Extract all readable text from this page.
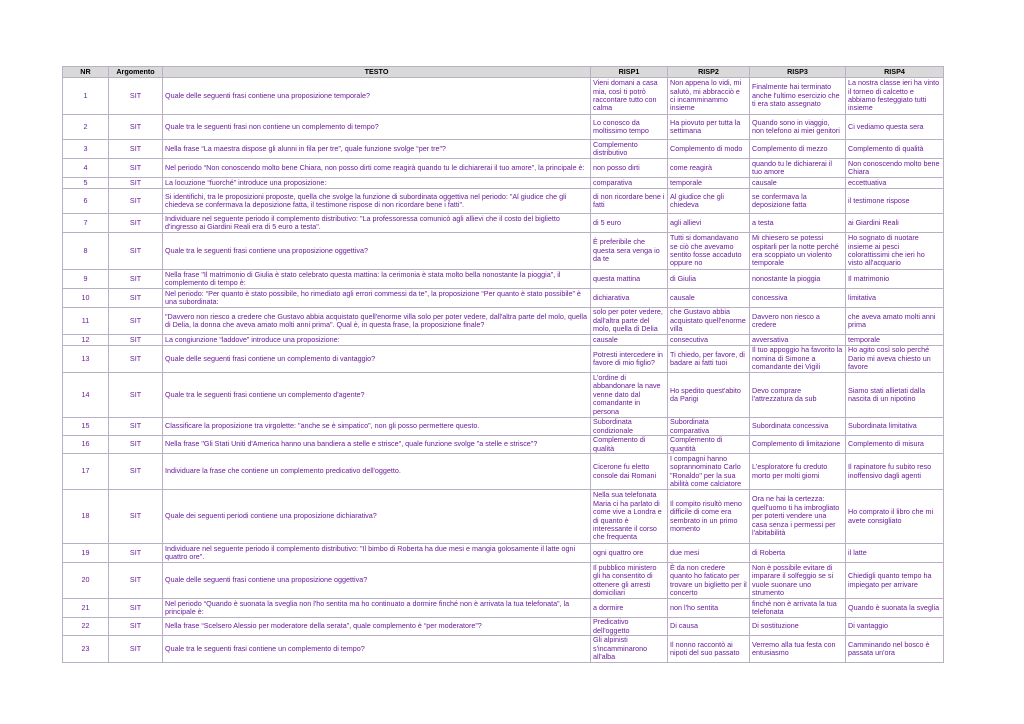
NR	Argomento	TESTO	RISP1	RISP2	RISP3	RISP4
1	SIT	Quale delle seguenti frasi contiene una proposizione temporale?	Vieni domani a casa mia, così ti potrò raccontare tutto con calma	Non appena lo vidi, mi salutò, mi abbracciò e ci incamminammo insieme	Finalmente hai terminato anche l'ultimo esercizio che ti era stato assegnato	La nostra classe ieri ha vinto il torneo di calcetto e abbiamo festeggiato tutti insieme
2	SIT	Quale tra le seguenti frasi non contiene un complemento di tempo?	Lo conosco da moltissimo tempo	Ha piovuto per tutta la settimana	Quando sono in viaggio, non telefono ai miei genitori	Ci vediamo questa sera
3	SIT	Nella frase “La maestra dispose gli alunni in fila per tre”, quale funzione svolge “per tre”?	Complemento distributivo	Complemento di modo	Complemento di mezzo	Complemento di qualità
4	SIT	Nel periodo “Non conoscendo molto bene Chiara, non posso dirti come reagirà quando tu le dichiarerai il tuo amore”, la principale è:	non posso dirti	come reagirà	quando tu le dichiarerai il tuo amore	Non conoscendo molto bene Chiara
5	SIT	La locuzione “fuorché” introduce una proposizione:	comparativa	temporale	causale	eccettuativa
6	SIT	Si identifichi, tra le proposizioni proposte, quella che svolge la funzione di subordinata oggettiva nel periodo: "Al giudice che gli chiedeva se confermava la deposizione fatta, il testimone rispose di non ricordare bene i fatti".	di non ricordare bene i fatti	Al giudice che gli chiedeva	se confermava la deposizione fatta	il testimone rispose
7	SIT	Individuare nel seguente periodo il complemento distributivo: "La professoressa comunicò agli allievi che il costo del biglietto d'ingresso ai Giardini Reali era di 5 euro a testa".	di 5 euro	agli allievi	a testa	ai Giardini Reali
8	SIT	Quale tra le seguenti frasi contiene una proposizione oggettiva?	È preferibile che questa sera venga io da te	Tutti si domandavano se ciò che avevamo sentito fosse accaduto oppure no	Mi chiesero se potessi ospitarli per la notte perché era scoppiato un violento temporale	Ho sognato di nuotare insieme ai pesci colorattissimi che ieri ho visto all'acquario
9	SIT	Nella frase "Il matrimonio di Giulia è stato celebrato questa mattina: la cerimonia è stata molto bella nonostante la pioggia", il complemento di tempo è:	questa mattina	di Giulia	nonostante la pioggia	Il matrimonio
10	SIT	Nel periodo: “Per quanto è stato possibile, ho rimediato agli errori commessi da te”, la proposizione “Per quanto è stato possibile” è una subordinata:	dichiarativa	causale	concessiva	limitativa
11	SIT	"Davvero non riesco a credere che Gustavo abbia acquistato quell'enorme villa solo per poter vedere, dall'altra parte del molo, quella di Delia, la donna che aveva amato molti anni prima". Qual è, in questa frase, la proposizione finale?	solo per poter vedere, dall'altra parte del molo, quella di Delia	che Gustavo abbia acquistato quell'enorme villa	Davvero non riesco a credere	che aveva amato molti anni prima
12	SIT	La congiunzione “laddove” introduce una proposizione:	causale	consecutiva	avversativa	temporale
13	SIT	Quale delle seguenti frasi contiene un complemento di vantaggio?	Potresti intercedere in favore di mio figlio?	Ti chiedo, per favore, di badare ai fatti tuoi	Il tuo appoggio ha favorito la nomina di Simone a comandante dei Vigili	Ho agito così solo perché Dario mi aveva chiesto un favore
14	SIT	Quale tra le seguenti frasi contiene un complemento d'agente?	L'ordine di abbandonare la nave venne dato dal comandante in persona	Ho spedito quest'abito da Parigi	Devo comprare l'attrezzatura da sub	Siamo stati allietati dalla nascita di un nipotino
15	SIT	Classificare la proposizione tra virgolette: "anche se è simpatico", non gli posso permettere questo.	Subordinata condizionale	Subordinata comparativa	Subordinata concessiva	Subordinata limitativa
16	SIT	Nella frase "Gli Stati Uniti d'America hanno una bandiera a stelle e strisce", quale funzione svolge "a stelle e strisce"?	Complemento di qualità	Complemento di quantità	Complemento di limitazione	Complemento di misura
17	SIT	Individuare la frase che contiene un complemento predicativo dell'oggetto.	Cicerone fu eletto console dai Romani	I compagni hanno soprannominato Carlo "Ronaldo" per la sua abilità come calciatore	L'esploratore fu creduto morto per molti giorni	Il rapinatore fu subito reso inoffensivo dagli agenti
18	SIT	Quale dei seguenti periodi contiene una proposizione dichiarativa?	Nella sua telefonata Maria ci ha parlato di come vive a Londra e di quanto è interessante il corso che frequenta	Il compito risultò meno difficile di come era sembrato in un primo momento	Ora ne hai la certezza: quell'uomo ti ha imbrogliato per poterti vendere una casa senza i permessi per l'abitabilità	Ho comprato il libro che mi avete consigliato
19	SIT	Individuare nel seguente periodo il complemento distributivo: "Il bimbo di Roberta ha due mesi e mangia golosamente il latte ogni quattro ore".	ogni quattro ore	due mesi	di Roberta	il latte
20	SIT	Quale delle seguenti frasi contiene una proposizione oggettiva?	Il pubblico ministero gli ha consentito di ottenere gli arresti domiciliari	È da non credere quanto ho faticato per trovare un biglietto per il concerto	Non è possibile evitare di imparare il solfeggio se si vuole suonare uno strumento	Chiedigli quanto tempo ha impiegato per arrivare
21	SIT	Nel periodo “Quando è suonata la sveglia non l'ho sentita ma ho continuato a dormire finché non è arrivata la tua telefonata”, la principale è:	a dormire	non l'ho sentita	finché non è arrivata la tua telefonata	Quando è suonata la sveglia
22	SIT	Nella frase “Scelsero Alessio per moderatore della serata”, quale complemento è “per moderatore”?	Predicativo dell'oggetto	Di causa	Di sostituzione	Di vantaggio
23	SIT	Quale tra le seguenti frasi contiene un complemento di tempo?	Gli alpinisti s'incamminarono all'alba	Il nonno raccontò ai nipoti del suo passato	Verremo alla tua festa con entusiasmo	Camminando nel bosco è passata un'ora
